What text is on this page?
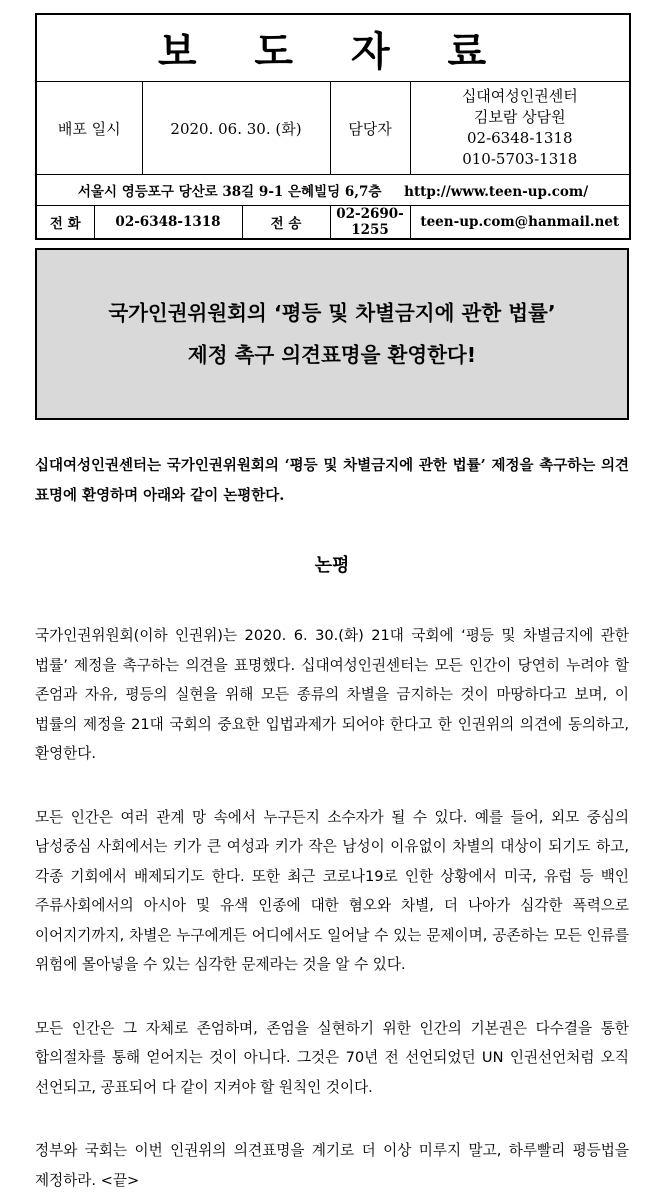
보 도 자 료					
배포 일시		2020. 06. 30. (화)		담당자	십대여성인권센터
김보람 상담원
02-6348-1318
010-5703-1318

서울시 영등포구 당산로 38길 9-1 은혜빌딩 6,7층 http://www.teen-up.com/					
전 화	02-6348-1318		전 송	02-2690-1255	teen-up.com@hanmail.net
국가인권위원회의 ‘평등 및 차별금지에 관한 법률’
제정 촉구 의견표명을 환영한다!
십대여성인권센터는 국가인권위원회의 ‘평등 및 차별금지에 관한 법률’ 제정을 촉구하는 의견 표명에 환영하며 아래와 같이 논평한다.
논평

국가인권위원회(이하 인권위)는 2020. 6. 30.(화) 21대 국회에 ‘평등 및 차별금지에 관한 법률’ 제정을 촉구하는 의견을 표명했다. 십대여성인권센터는 모든 인간이 당연히 누려야 할 존엄과 자유, 평등의 실현을 위해 모든 종류의 차별을 금지하는 것이 마땅하다고 보며, 이 법률의 제정을 21대 국회의 중요한 입법과제가 되어야 한다고 한 인권위의 의견에 동의하고, 환영한다.

모든 인간은 여러 관계 망 속에서 누구든지 소수자가 될 수 있다. 예를 들어, 외모 중심의 남성중심 사회에서는 키가 큰 여성과 키가 작은 남성이 이유없이 차별의 대상이 되기도 하고, 각종 기회에서 배제되기도 한다. 또한 최근 코로나19로 인한 상황에서 미국, 유럽 등 백인 주류사회에서의 아시아 및 유색 인종에 대한 혐오와 차별, 더 나아가 심각한 폭력으로 이어지기까지, 차별은 누구에게든 어디에서도 일어날 수 있는 문제이며, 공존하는 모든 인류를 위험에 몰아넣을 수 있는 심각한 문제라는 것을 알 수 있다.

모든 인간은 그 자체로 존엄하며, 존엄을 실현하기 위한 인간의 기본권은 다수결을 통한 합의절차를 통해 얻어지는 것이 아니다. 그것은 70년 전 선언되었던 UN 인권선언처럼 오직 선언되고, 공표되어 다 같이 지켜야 할 원칙인 것이다.

정부와 국회는 이번 인권위의 의견표명을 계기로 더 이상 미루지 말고, 하루빨리 평등법을 제정하라. <끝>
